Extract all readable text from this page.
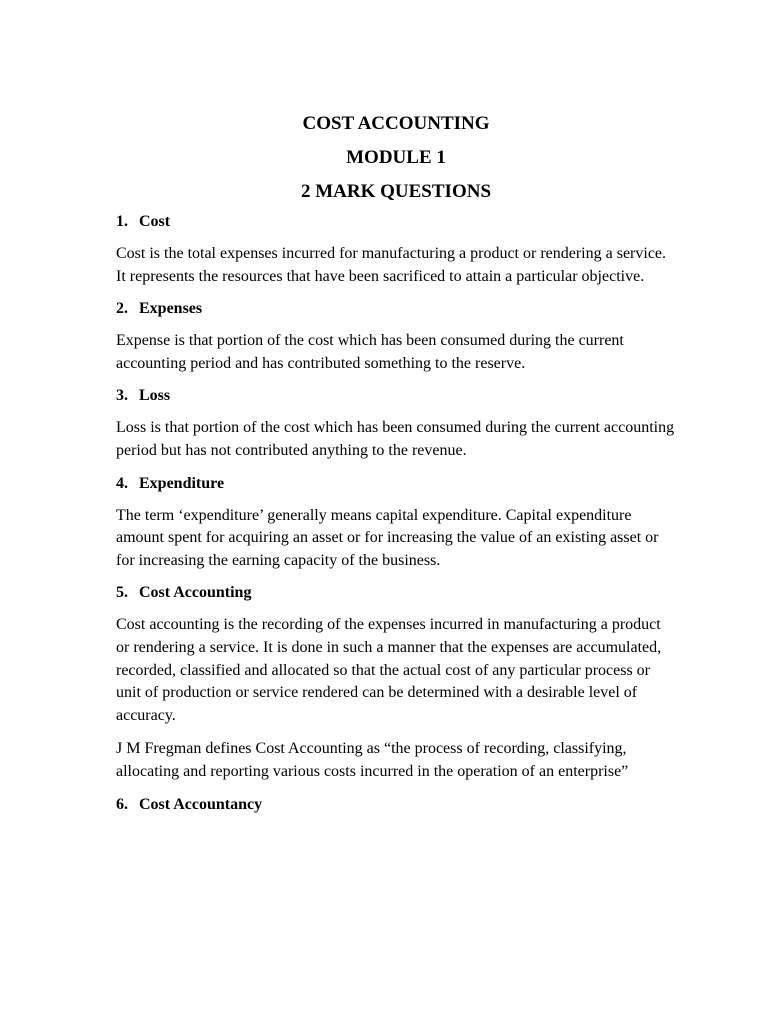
COST ACCOUNTING

MODULE 1

2 MARK QUESTIONS

1. Cost

Cost is the total expenses incurred for manufacturing a product or rendering a service. It represents the resources that have been sacrificed to attain a particular objective.

2. Expenses

Expense is that portion of the cost which has been consumed during the current accounting period and has contributed something to the reserve.

3. Loss

Loss is that portion of the cost which has been consumed during the current accounting period but has not contributed anything to the revenue.

4. Expenditure

The term ‘expenditure’ generally means capital expenditure. Capital expenditure amount spent for acquiring an asset or for increasing the value of an existing asset or for increasing the earning capacity of the business.

5. Cost Accounting

Cost accounting is the recording of the expenses incurred in manufacturing a product or rendering a service. It is done in such a manner that the expenses are accumulated, recorded, classified and allocated so that the actual cost of any particular process or unit of production or service rendered can be determined with a desirable level of accuracy.

J M Fregman defines Cost Accounting as “the process of recording, classifying, allocating and reporting various costs incurred in the operation of an enterprise”

6. Cost Accountancy
